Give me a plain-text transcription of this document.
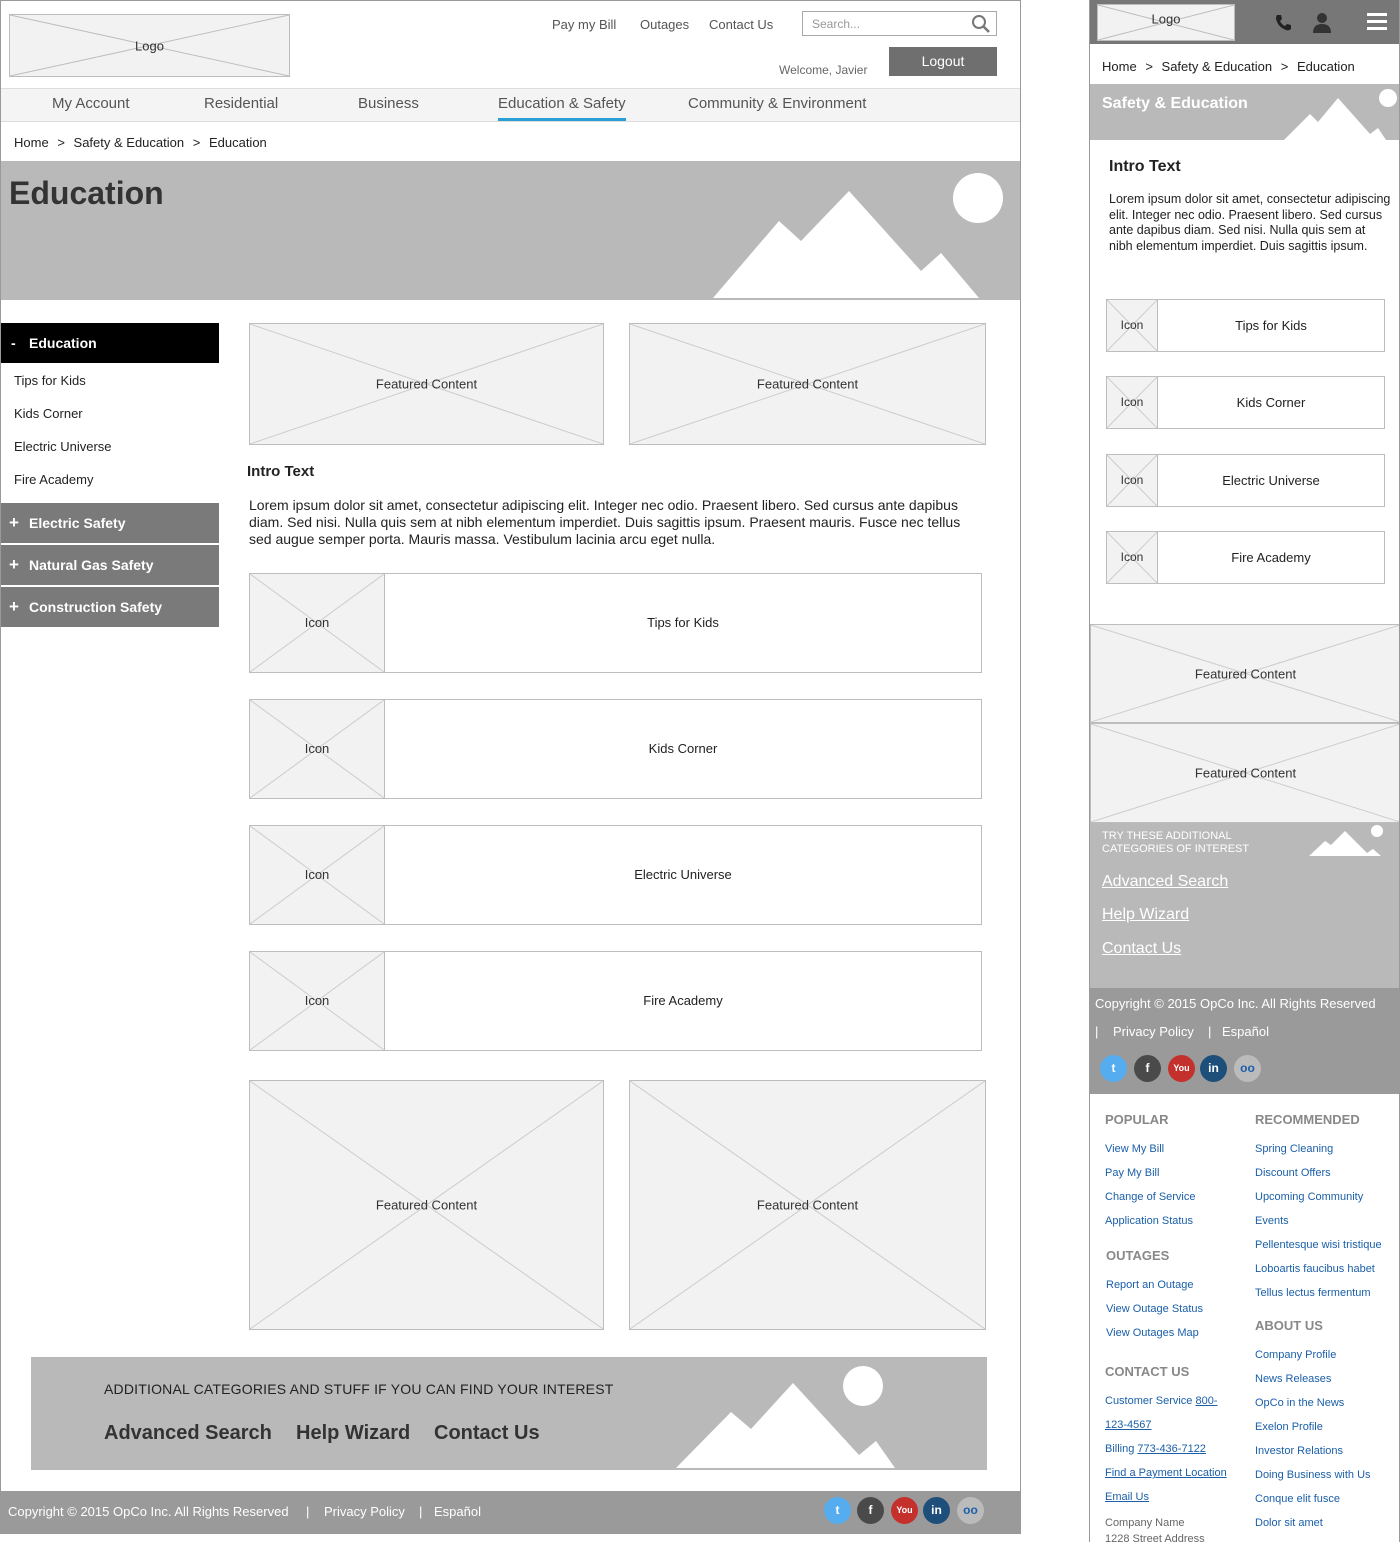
Logo
Pay my Bill Outages Contact Us	Search...
Welcome, Javier
Logout
My Account	Residential	Business	Education & Safety	Community & Environment
Home > Safety & Education > Education
Education
- Education
Tips for Kids
Kids Corner
Electric Universe
Fire Academy
+ Electric Safety
+ Natural Gas Safety
+ Construction Safety
Featured Content	Featured Content
Intro Text
Lorem ipsum dolor sit amet, consectetur adipiscing elit. Integer nec odio. Praesent libero. Sed cursus ante dapibus diam. Sed nisi. Nulla quis sem at nibh elementum imperdiet. Duis sagittis ipsum. Praesent mauris. Fusce nec tellus sed augue semper porta. Mauris massa. Vestibulum lacinia arcu eget nulla.
Icon	Tips for Kids
Icon	Kids Corner
Icon	Electric Universe
Icon	Fire Academy
Featured Content	Featured Content
ADDITIONAL CATEGORIES AND STUFF IF YOU CAN FIND YOUR INTEREST
Advanced Search Help Wizard Contact Us
Copyright © 2015 OpCo Inc. All Rights Reserved | Privacy Policy | Español	t	f	You	in	oo
Logo
Home > Safety & Education > Education
Safety & Education
Intro Text
Lorem ipsum dolor sit amet, consectetur adipiscing elit. Integer nec odio. Praesent libero. Sed cursus ante dapibus diam. Sed nisi. Nulla quis sem at nibh elementum imperdiet. Duis sagittis ipsum.
Icon	Tips for Kids
Icon	Kids Corner
Icon	Electric Universe
Icon	Fire Academy
Featured Content
Featured Content
TRY THESE ADDITIONAL CATEGORIES OF INTEREST
Advanced Search
Help Wizard
Contact Us
Copyright © 2015 OpCo Inc. All Rights Reserved
| Privacy Policy | Español
t	f	You	in	oo
POPULAR
View My Bill
Pay My Bill
Change of Service
Application Status
OUTAGES
Report an Outage
View Outage Status
View Outages Map
CONTACT US
Customer Service 800-
123-4567
Billing 773-436-7122
Find a Payment Location
Email Us
Company Name
1228 Street Address
RECOMMENDED
Spring Cleaning
Discount Offers
Upcoming Community
Events
Pellentesque wisi tristique
Loboartis faucibus habet
Tellus lectus fermentum
ABOUT US
Company Profile
News Releases
OpCo in the News
Exelon Profile
Investor Relations
Doing Business with Us
Conque elit fusce
Dolor sit amet
